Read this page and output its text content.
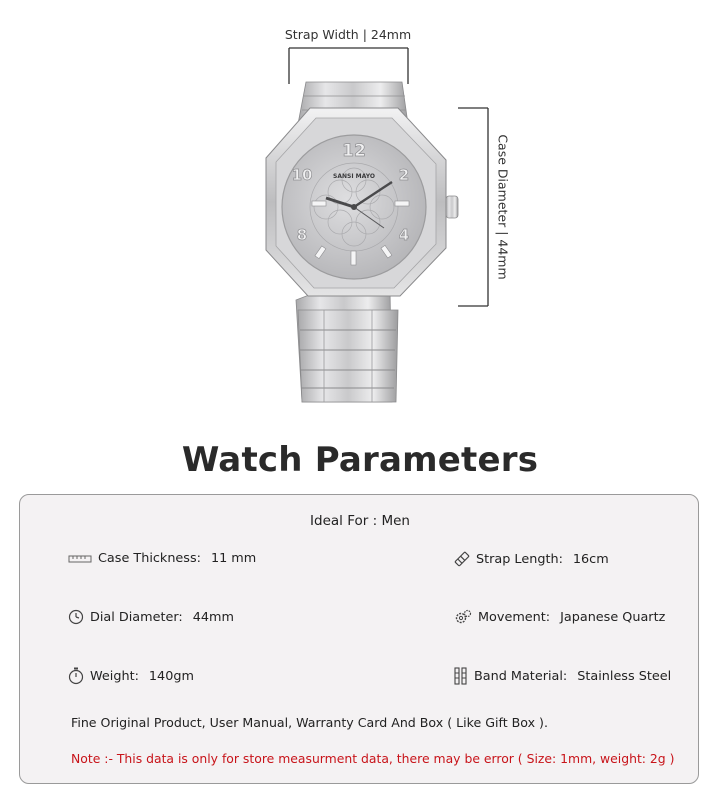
12
10	2
8	4
SANSI MAYO
Strap Width | 24mm
Case Diameter | 44mm
Watch Parameters
Ideal For : Men
Case Thickness: 11 mm	Strap Length: 16cm
Dial Diameter: 44mm	Movement: Japanese Quartz
Weight: 140gm	Band Material: Stainless Steel
Fine Original Product, User Manual, Warranty Card And Box ( Like Gift Box ).
Note :- This data is only for store measurment data, there may be error ( Size: 1mm, weight: 2g )
